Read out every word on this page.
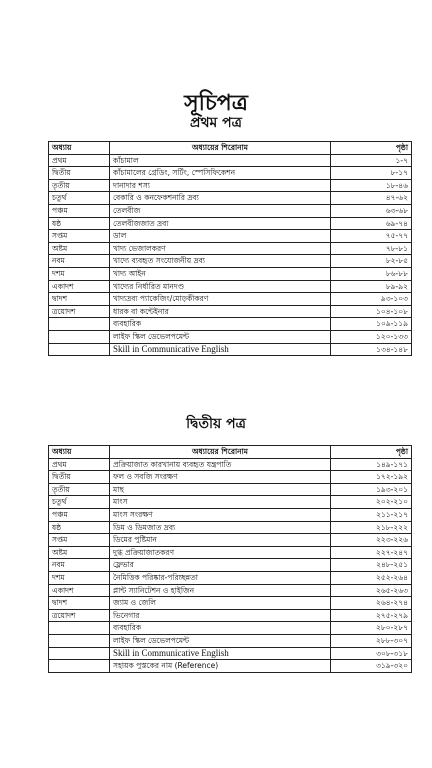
সূচিপত্র
প্রথম পত্র
অধ্যায়	অধ্যায়ের শিরোনাম	পৃষ্ঠা
প্রথম	কাঁচামাল	১-৭
দ্বিতীয়	কাঁচামালের গ্রেডিং, সর্টিং, স্পেসিফিকেশন	৮-১৭
তৃতীয়	দানাদার শস্য	১৮-৪৬
চতুর্থ	বেকারি ও কনফেকশনারি দ্রব্য	৪৭-৬২
পঞ্চম	তেলবীজ	৬৩-৬৮
ষষ্ঠ	তেলবীজজাত দ্রব্য	৬৯-৭৪
সপ্তম	ডাল	৭৫-৭৭
অষ্টম	খাদ্য ভেজালকরণ	৭৮-৮১
নবম	খাদ্যে ব্যবহৃত সংযোজনীয় দ্রব্য	৮২-৮৫
দশম	খাদ্য আইন	৮৬-৮৮
একাদশ	খাদ্যের নির্ধারিত মানদণ্ড	৮৯-৯২
দ্বাদশ	খাদ্যদ্রব্য প্যাকেজিং/মোড়কীকরণ	৯৩-১০৩
ত্রয়োদশ	ধারক বা কন্টেইনার	১০৪-১০৮
	ব্যবহারিক	১০৯-১১৯
	লাইফ স্কিল ডেভেলপমেন্ট	১২০-১৩৩
	Skill in Communicative English	১৩৪-১৪৮
দ্বিতীয় পত্র
অধ্যায়	অধ্যায়ের শিরোনাম	পৃষ্ঠা
প্রথম	প্রক্রিয়াজাত কারখানায় ব্যবহৃত যন্ত্রপাতি	১৪৯-১৭১
দ্বিতীয়	ফল ও সবজি সংরক্ষণ	১৭২-১৯২
তৃতীয়	মাছ	১৯৩-২০১
চতুর্থ	মাংস	২০২-২১০
পঞ্চম	মাংস সংরক্ষণ	২১১-২১৭
ষষ্ঠ	ডিম ও ডিমজাত দ্রব্য	২১৮-২২২
সপ্তম	ডিমের পুষ্টিমান	২২৩-২২৬
অষ্টম	দুগ্ধ প্রক্রিয়াজাতকরণ	২২৭-২৪৭
নবম	ফ্লেভার	২৪৮-২৫১
দশম	নৈমিত্তিক পরিষ্কার-পরিচ্ছন্নতা	২৫২-২৬৪
একাদশ	প্লান্ট স্যানিটেশন ও হাইজিন	২৬৫-২৬৩
দ্বাদশ	জ্যাম ও জেলি	২৬৪-২৭৪
ত্রয়োদশ	ভিনেগার	২৭৫-২৭৯
	ব্যবহারিক	২৮০-২৮৭
	লাইফ স্কিল ডেভেলপমেন্ট	২৮৮-৩০৭
	Skill in Communicative English	৩০৮-৩১৮
	সহায়ক পুস্তকের নাম (Reference)	৩১৯-৩২০
